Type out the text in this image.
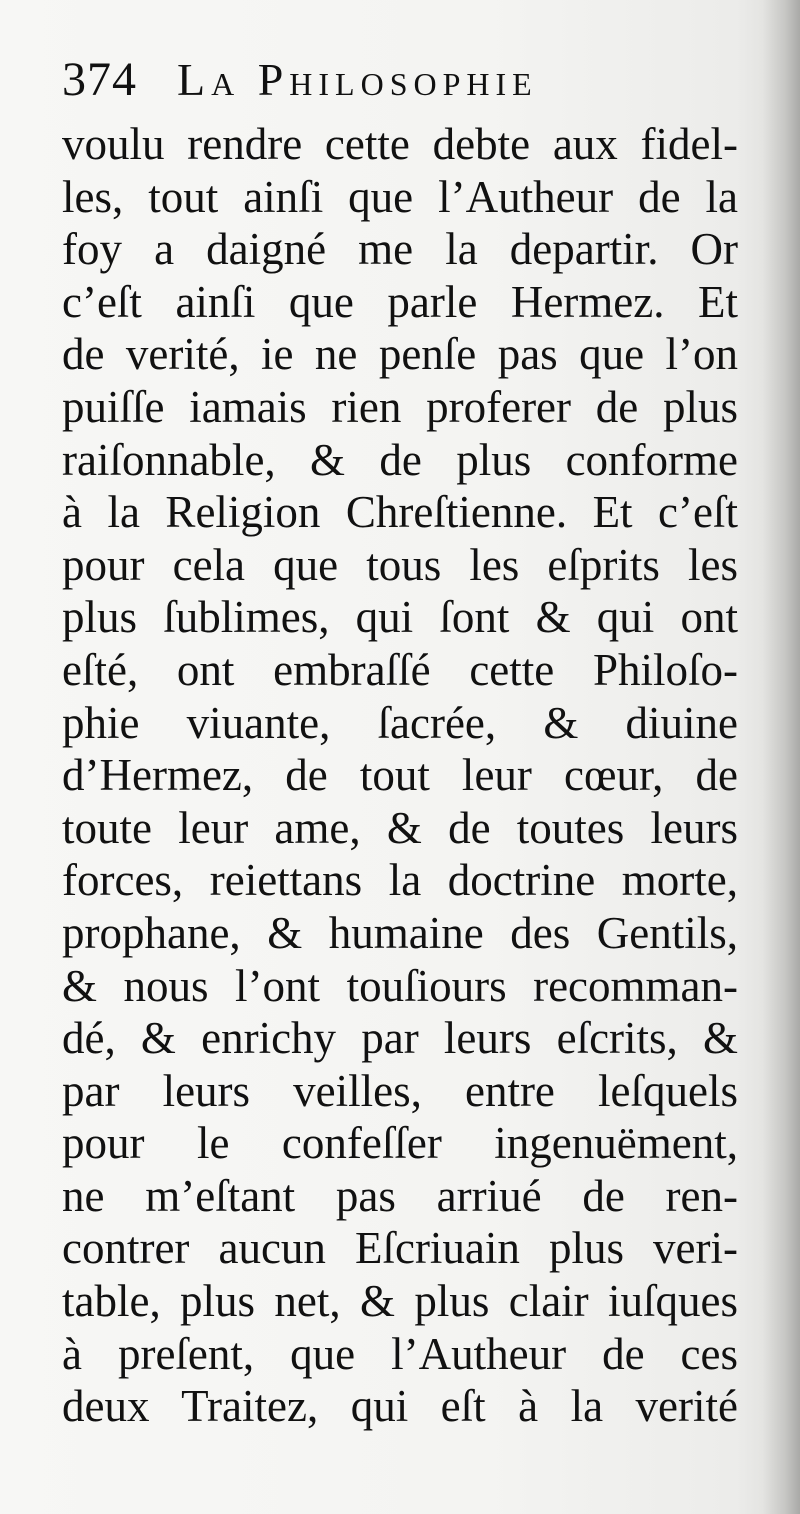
374 La Philosophie
voulu rendre cette debte aux fidel-
les, tout ainſi que l’Autheur de la
foy a daigné me la departir. Or
c’eſt ainſi que parle Hermez. Et
de verité, ie ne penſe pas que l’on
puiſſe iamais rien proferer de plus
raiſonnable, & de plus conforme
à la Religion Chreſtienne. Et c’eſt
pour cela que tous les eſprits les
plus ſublimes, qui ſont & qui ont
eſté, ont embraſſé cette Philoſo-
phie viuante, ſacrée, & diuine
d’Hermez, de tout leur cœur, de
toute leur ame, & de toutes leurs
forces, reiettans la doctrine morte,
prophane, & humaine des Gentils,
& nous l’ont touſiours recomman-
dé, & enrichy par leurs eſcrits, &
par leurs veilles, entre leſquels
pour le confeſſer ingenuëment,
ne m’eſtant pas arriué de ren-
contrer aucun Eſcriuain plus veri-
table, plus net, & plus clair iuſques
à preſent, que l’Autheur de ces
deux Traitez, qui eſt à la verité
